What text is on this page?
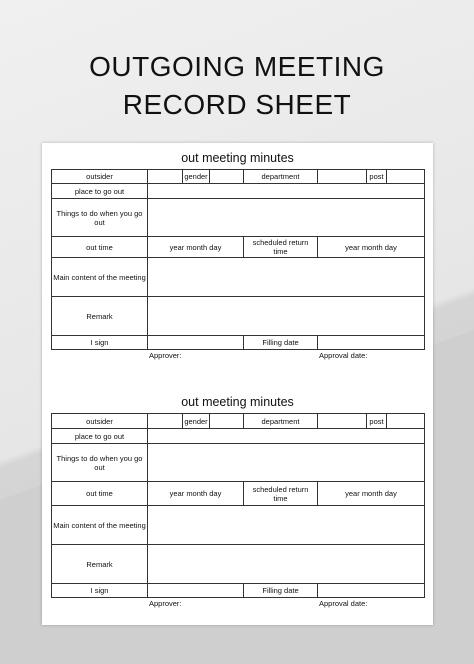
OUTGOING MEETING
RECORD SHEET
out meeting minutes
outsider		gender		department		post	
place to go out							
Things to do when you go out							
out time	year month day			scheduled return time	year month day		
Main content of the meeting							
Remark							
I sign				Filling date			
Approver:	Approval date:
out meeting minutes
outsider		gender		department		post	
place to go out							
Things to do when you go out							
out time	year month day			scheduled return time	year month day		
Main content of the meeting							
Remark							
I sign				Filling date			
Approver:	Approval date:
